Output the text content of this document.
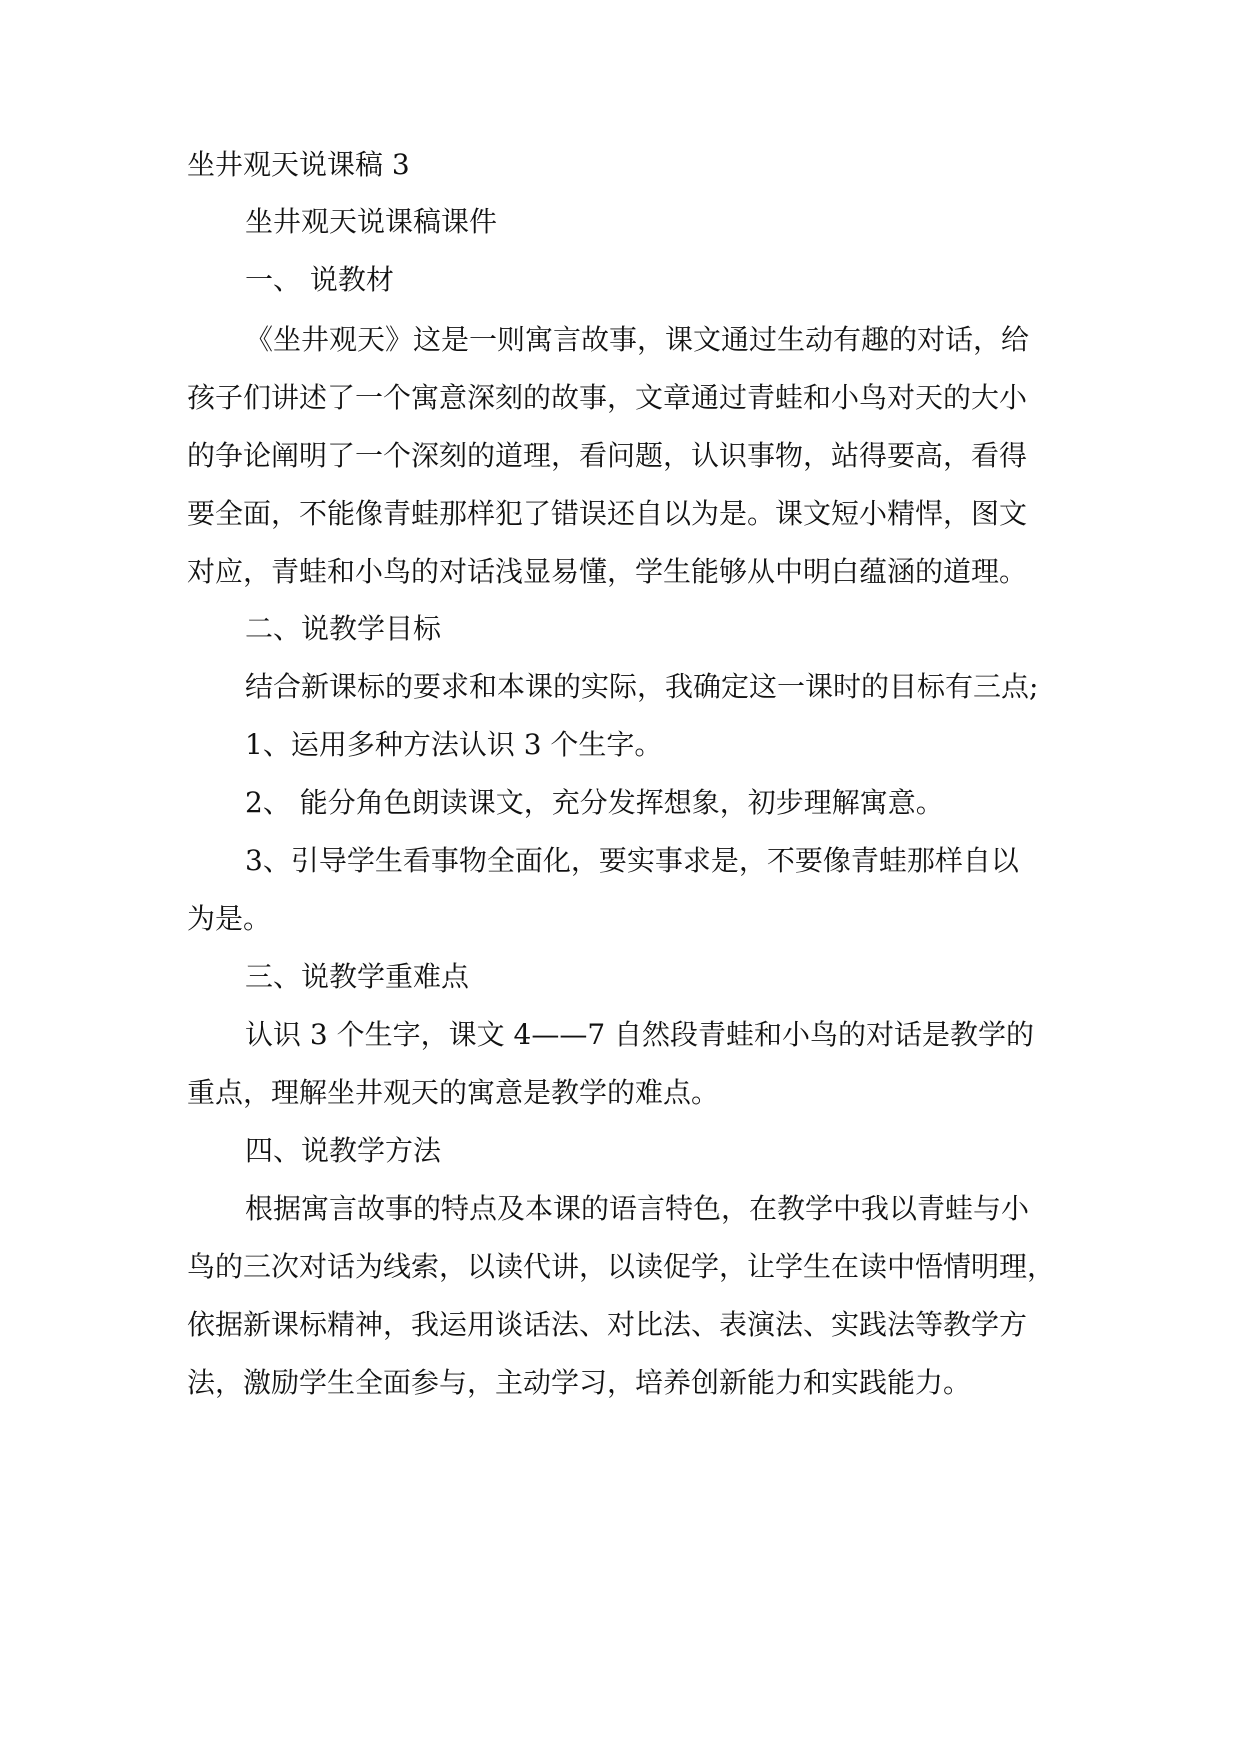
坐井观天说课稿 3
坐井观天说课稿课件
一、 说教材
《坐井观天》这是一则寓言故事，课文通过生动有趣的对话，给
孩子们讲述了一个寓意深刻的故事，文章通过青蛙和小鸟对天的大小
的争论阐明了一个深刻的道理，看问题，认识事物，站得要高，看得
要全面，不能像青蛙那样犯了错误还自以为是。课文短小精悍，图文
对应，青蛙和小鸟的对话浅显易懂，学生能够从中明白蕴涵的道理。
二、说教学目标
结合新课标的要求和本课的实际，我确定这一课时的目标有三点;
1、运用多种方法认识 3 个生字。
2、 能分角色朗读课文，充分发挥想象，初步理解寓意。
3、引导学生看事物全面化，要实事求是，不要像青蛙那样自以
为是。
三、说教学重难点
认识 3 个生字，课文 4——7 自然段青蛙和小鸟的对话是教学的
重点，理解坐井观天的寓意是教学的难点。
四、说教学方法
根据寓言故事的特点及本课的语言特色，在教学中我以青蛙与小
鸟的三次对话为线索，以读代讲，以读促学，让学生在读中悟情明理，
依据新课标精神，我运用谈话法、对比法、表演法、实践法等教学方
法，激励学生全面参与，主动学习，培养创新能力和实践能力。
